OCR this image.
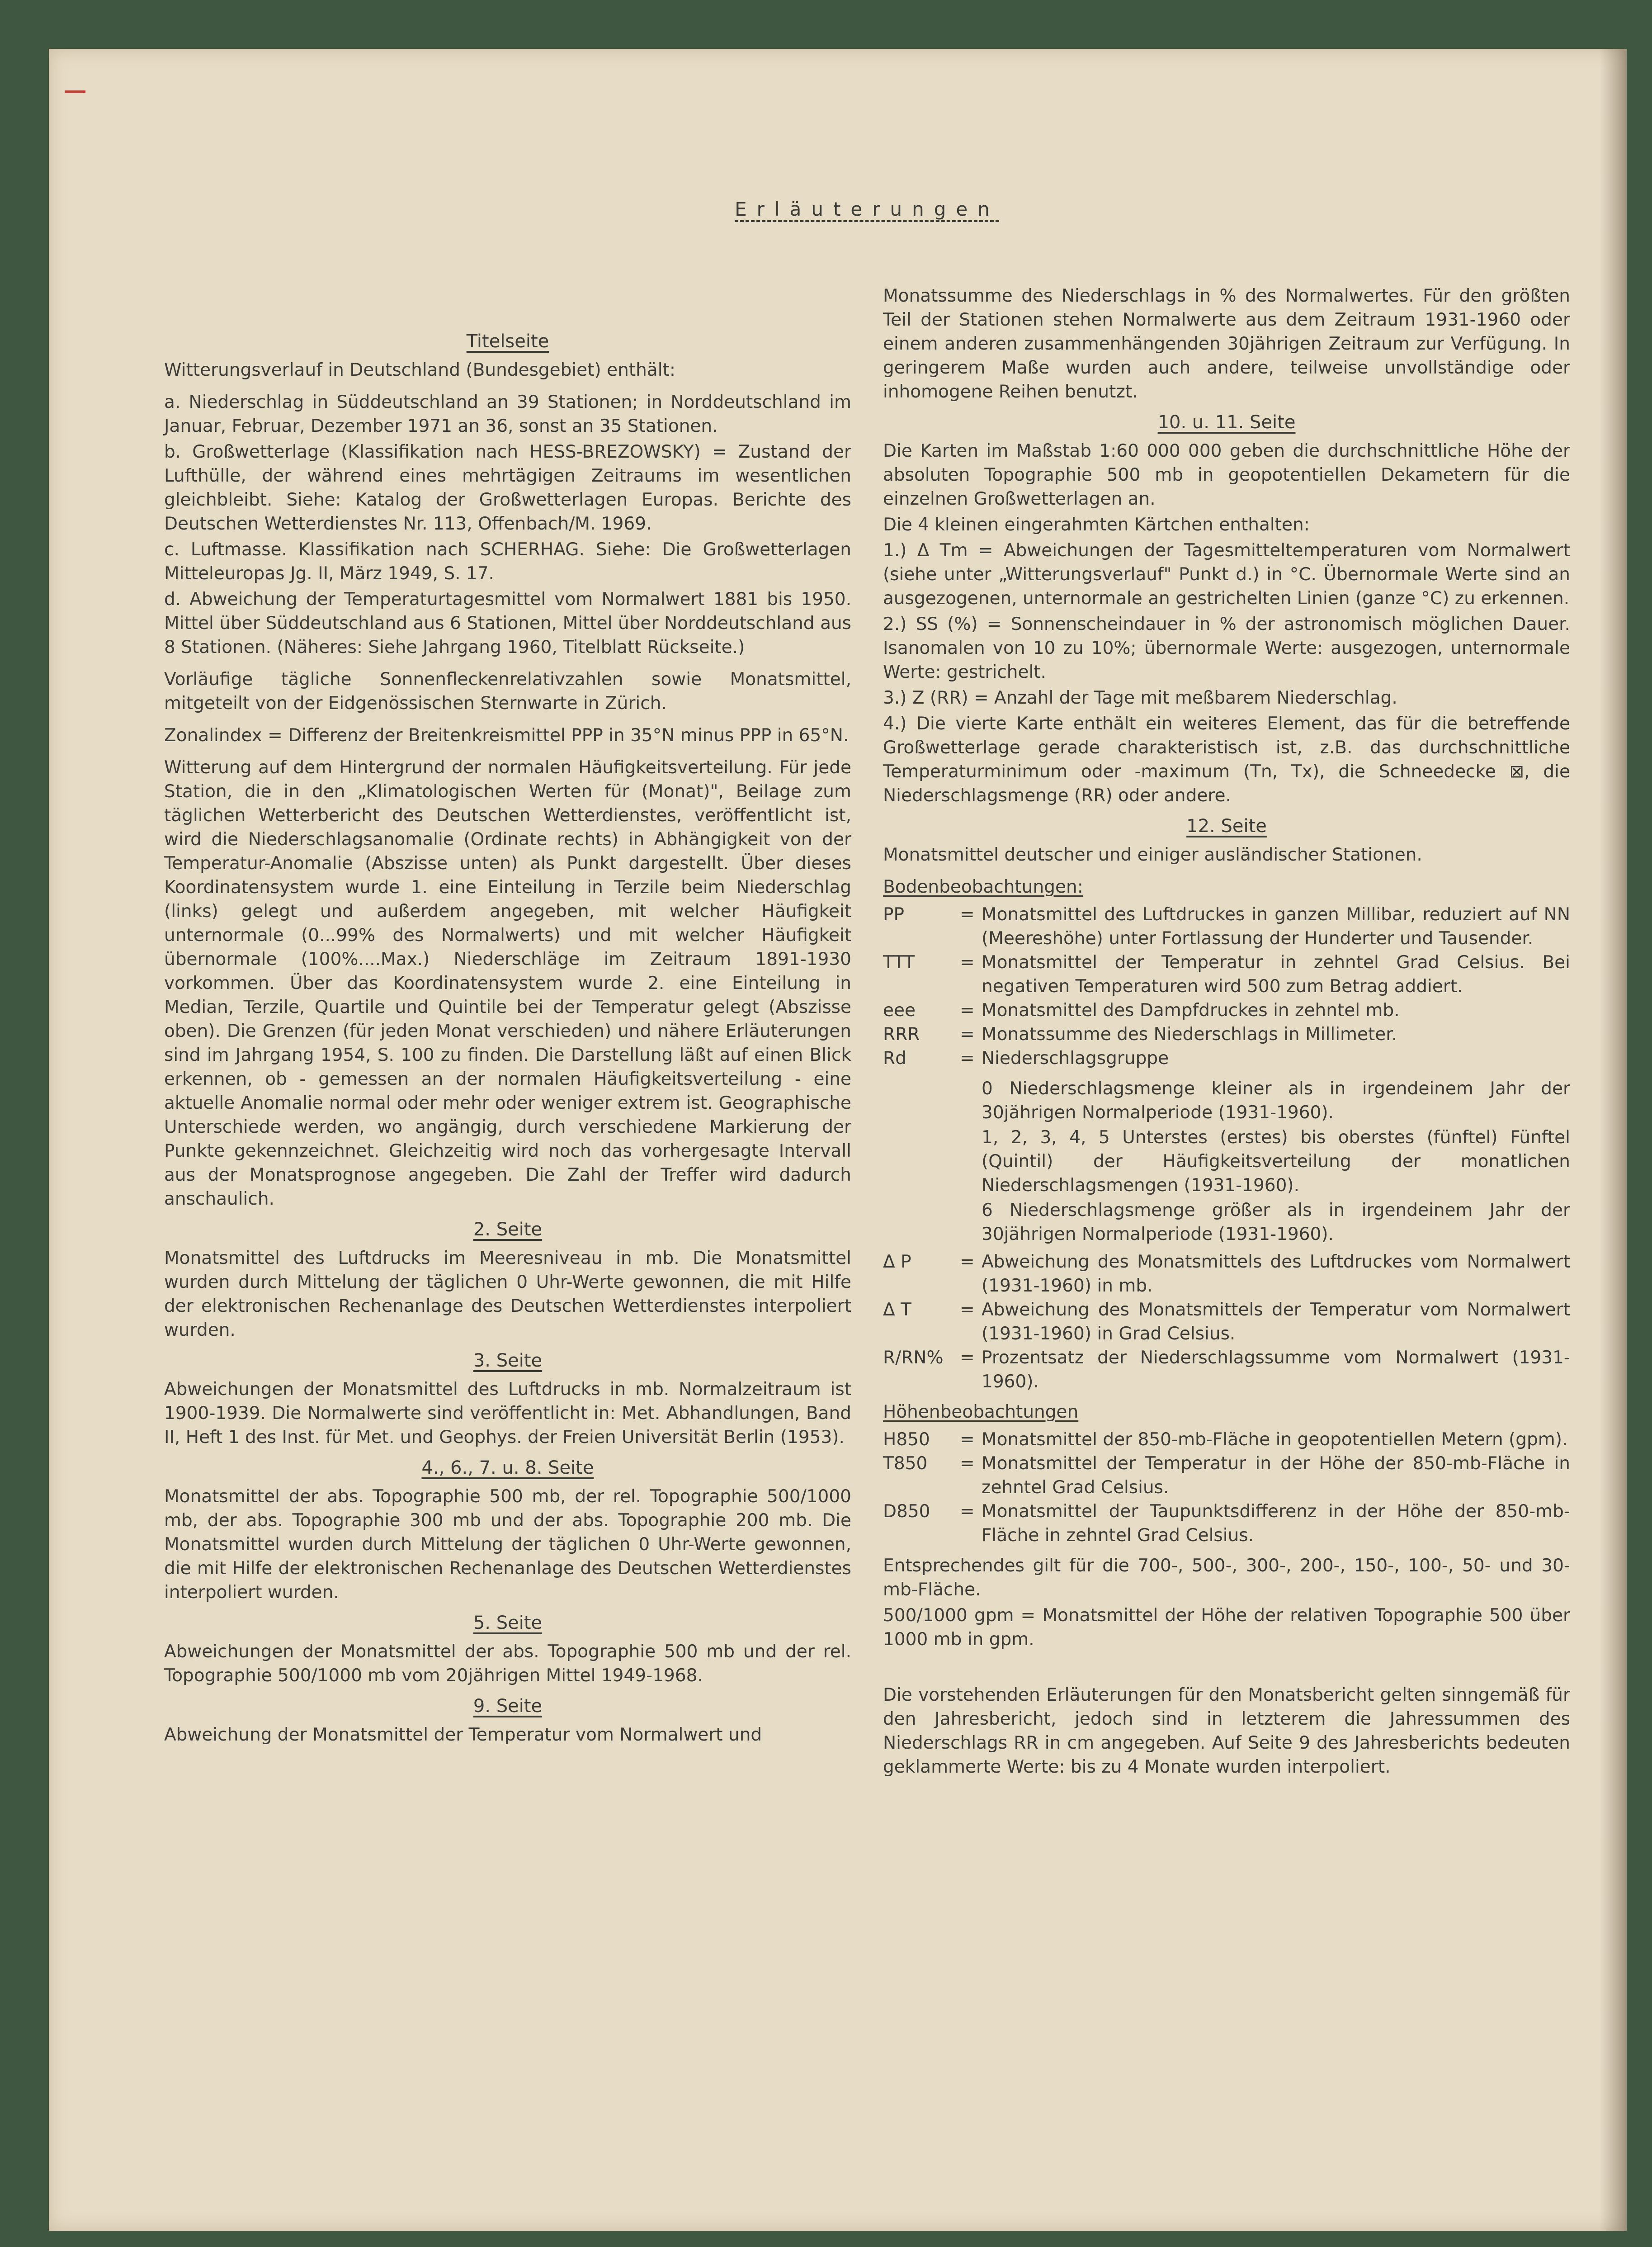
Erläuterungen
Titelseite

Witterungsverlauf in Deutschland (Bundesgebiet) enthält:

a. Niederschlag in Süddeutschland an 39 Stationen; in Norddeutschland im Januar, Februar, Dezember 1971 an 36, sonst an 35 Stationen.

b. Großwetterlage (Klassifikation nach HESS-BREZOWSKY) = Zustand der Lufthülle, der während eines mehrtägigen Zeitraums im wesentlichen gleichbleibt. Siehe: Katalog der Großwetterlagen Europas. Berichte des Deutschen Wetterdienstes Nr. 113, Offenbach/M. 1969.

c. Luftmasse. Klassifikation nach SCHERHAG. Siehe: Die Großwetterlagen Mitteleuropas Jg. II, März 1949, S. 17.

d. Abweichung der Temperaturtagesmittel vom Normalwert 1881 bis 1950. Mittel über Süddeutschland aus 6 Stationen, Mittel über Norddeutschland aus 8 Stationen. (Näheres: Siehe Jahrgang 1960, Titelblatt Rückseite.)

Vorläufige tägliche Sonnenfleckenrelativzahlen sowie Monatsmittel, mitgeteilt von der Eidgenössischen Sternwarte in Zürich.

Zonalindex = Differenz der Breitenkreismittel PPP in 35°N minus PPP in 65°N.

Witterung auf dem Hintergrund der normalen Häufigkeitsverteilung. Für jede Station, die in den „Klimatologischen Werten für (Monat)", Beilage zum täglichen Wetterbericht des Deutschen Wetterdienstes, veröffentlicht ist, wird die Niederschlagsanomalie (Ordinate rechts) in Abhängigkeit von der Temperatur-Anomalie (Abszisse unten) als Punkt dargestellt. Über dieses Koordinatensystem wurde 1. eine Einteilung in Terzile beim Niederschlag (links) gelegt und außerdem angegeben, mit welcher Häufigkeit unternormale (0...99% des Normalwerts) und mit welcher Häufigkeit übernormale (100%....Max.) Niederschläge im Zeitraum 1891-1930 vorkommen. Über das Koordinatensystem wurde 2. eine Einteilung in Median, Terzile, Quartile und Quintile bei der Temperatur gelegt (Abszisse oben). Die Grenzen (für jeden Monat verschieden) und nähere Erläuterungen sind im Jahrgang 1954, S. 100 zu finden. Die Darstellung läßt auf einen Blick erkennen, ob - gemessen an der normalen Häufigkeitsverteilung - eine aktuelle Anomalie normal oder mehr oder weniger extrem ist. Geographische Unterschiede werden, wo angängig, durch verschiedene Markierung der Punkte gekennzeichnet. Gleichzeitig wird noch das vorhergesagte Intervall aus der Monatsprognose angegeben. Die Zahl der Treffer wird dadurch anschaulich.

2. Seite

Monatsmittel des Luftdrucks im Meeresniveau in mb. Die Monatsmittel wurden durch Mittelung der täglichen 0 Uhr-Werte gewonnen, die mit Hilfe der elektronischen Rechenanlage des Deutschen Wetterdienstes interpoliert wurden.

3. Seite

Abweichungen der Monatsmittel des Luftdrucks in mb. Normalzeitraum ist 1900-1939. Die Normalwerte sind veröffentlicht in: Met. Abhandlungen, Band II, Heft 1 des Inst. für Met. und Geophys. der Freien Universität Berlin (1953).

4., 6., 7. u. 8. Seite

Monatsmittel der abs. Topographie 500 mb, der rel. Topographie 500/1000 mb, der abs. Topographie 300 mb und der abs. Topographie 200 mb. Die Monatsmittel wurden durch Mittelung der täglichen 0 Uhr-Werte gewonnen, die mit Hilfe der elektronischen Rechenanlage des Deutschen Wetterdienstes interpoliert wurden.

5. Seite

Abweichungen der Monatsmittel der abs. Topographie 500 mb und der rel. Topographie 500/1000 mb vom 20jährigen Mittel 1949-1968.

9. Seite

Abweichung der Monatsmittel der Temperatur vom Normalwert und

Monatssumme des Niederschlags in % des Normalwertes. Für den größten Teil der Stationen stehen Normalwerte aus dem Zeitraum 1931-1960 oder einem anderen zusammenhängenden 30jährigen Zeitraum zur Verfügung. In geringerem Maße wurden auch andere, teilweise unvollständige oder inhomogene Reihen benutzt.

10. u. 11. Seite

Die Karten im Maßstab 1:60 000 000 geben die durchschnittliche Höhe der absoluten Topographie 500 mb in geopotentiellen Dekametern für die einzelnen Großwetterlagen an.

Die 4 kleinen eingerahmten Kärtchen enthalten:

1.) Δ Tm = Abweichungen der Tagesmitteltemperaturen vom Normalwert (siehe unter „Witterungsverlauf" Punkt d.) in °C. Übernormale Werte sind an ausgezogenen, unternormale an gestrichelten Linien (ganze °C) zu erkennen.

2.) SS (%) = Sonnenscheindauer in % der astronomisch möglichen Dauer. Isanomalen von 10 zu 10%; übernormale Werte: ausgezogen, unternormale Werte: gestrichelt.

3.) Z (RR) = Anzahl der Tage mit meßbarem Niederschlag.

4.) Die vierte Karte enthält ein weiteres Element, das für die betreffende Großwetterlage gerade charakteristisch ist, z.B. das durchschnittliche Temperaturminimum oder -maximum (Tn, Tx), die Schneedecke ⊠, die Niederschlagsmenge (RR) oder andere.

12. Seite

Monatsmittel deutscher und einiger ausländischer Stationen.

Bodenbeobachtungen:

PP	=	Monatsmittel des Luftdruckes in ganzen Millibar, reduziert auf NN (Meereshöhe) unter Fortlassung der Hunderter und Tausender.
TTT	=	Monatsmittel der Temperatur in zehntel Grad Celsius. Bei negativen Temperaturen wird 500 zum Betrag addiert.
eee	=	Monatsmittel des Dampfdruckes in zehntel mb.
RRR	=	Monatssumme des Niederschlags in Millimeter.
Rd	=	Niederschlagsgruppe

0 Niederschlagsmenge kleiner als in irgendeinem Jahr der 30jährigen Normalperiode (1931-1960).

1, 2, 3, 4, 5 Unterstes (erstes) bis oberstes (fünftel) Fünftel (Quintil) der Häufigkeitsverteilung der monatlichen Niederschlagsmengen (1931-1960).

6 Niederschlagsmenge größer als in irgendeinem Jahr der 30jährigen Normalperiode (1931-1960).

Δ P	=	Abweichung des Monatsmittels des Luftdruckes vom Normalwert (1931-1960) in mb.
Δ T	=	Abweichung des Monatsmittels der Temperatur vom Normalwert (1931-1960) in Grad Celsius.
R/RN%	=	Prozentsatz der Niederschlagssumme vom Normalwert (1931-1960).

Höhenbeobachtungen

H850	=	Monatsmittel der 850-mb-Fläche in geopotentiellen Metern (gpm).
T850	=	Monatsmittel der Temperatur in der Höhe der 850-mb-Fläche in zehntel Grad Celsius.
D850	=	Monatsmittel der Taupunktsdifferenz in der Höhe der 850-mb-Fläche in zehntel Grad Celsius.

Entsprechendes gilt für die 700-, 500-, 300-, 200-, 150-, 100-, 50- und 30-mb-Fläche.

500/1000 gpm = Monatsmittel der Höhe der relativen Topographie 500 über 1000 mb in gpm.

Die vorstehenden Erläuterungen für den Monatsbericht gelten sinngemäß für den Jahresbericht, jedoch sind in letzterem die Jahressummen des Niederschlags RR in cm angegeben. Auf Seite 9 des Jahresberichts bedeuten geklammerte Werte: bis zu 4 Monate wurden interpoliert.
